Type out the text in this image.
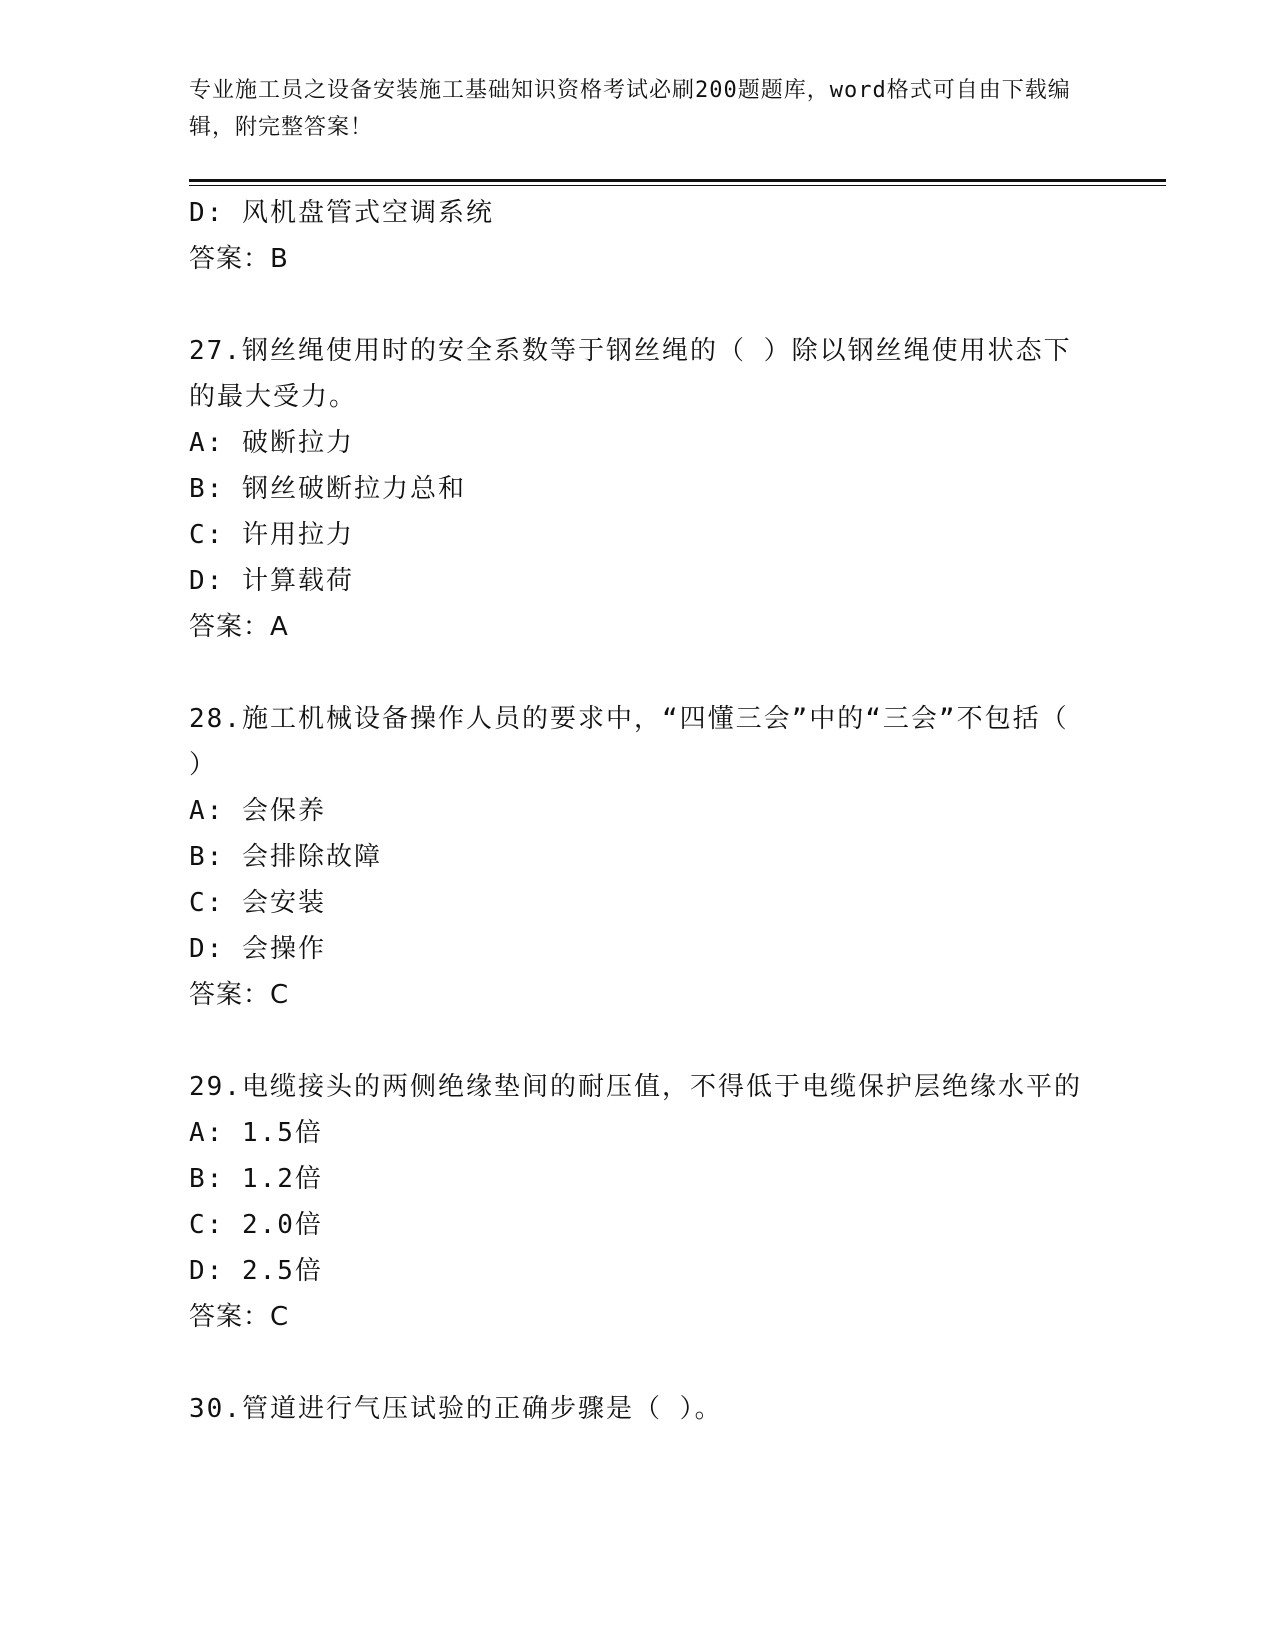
专业施工员之设备安装施工基础知识资格考试必刷200题题库，word格式可自由下载编辑，附完整答案！
D: 风机盘管式空调系统
答案：B
27.钢丝绳使用时的安全系数等于钢丝绳的（ ）除以钢丝绳使用状态下的最大受力。
A: 破断拉力
B: 钢丝破断拉力总和
C: 许用拉力
D: 计算载荷
答案：A
28.施工机械设备操作人员的要求中，“四懂三会”中的“三会”不包括（ ）
A: 会保养
B: 会排除故障
C: 会安装
D: 会操作
答案：C
29.电缆接头的两侧绝缘垫间的耐压值，不得低于电缆保护层绝缘水平的
A: 1.5倍
B: 1.2倍
C: 2.0倍
D: 2.5倍
答案：C
30.管道进行气压试验的正确步骤是（ ）。
